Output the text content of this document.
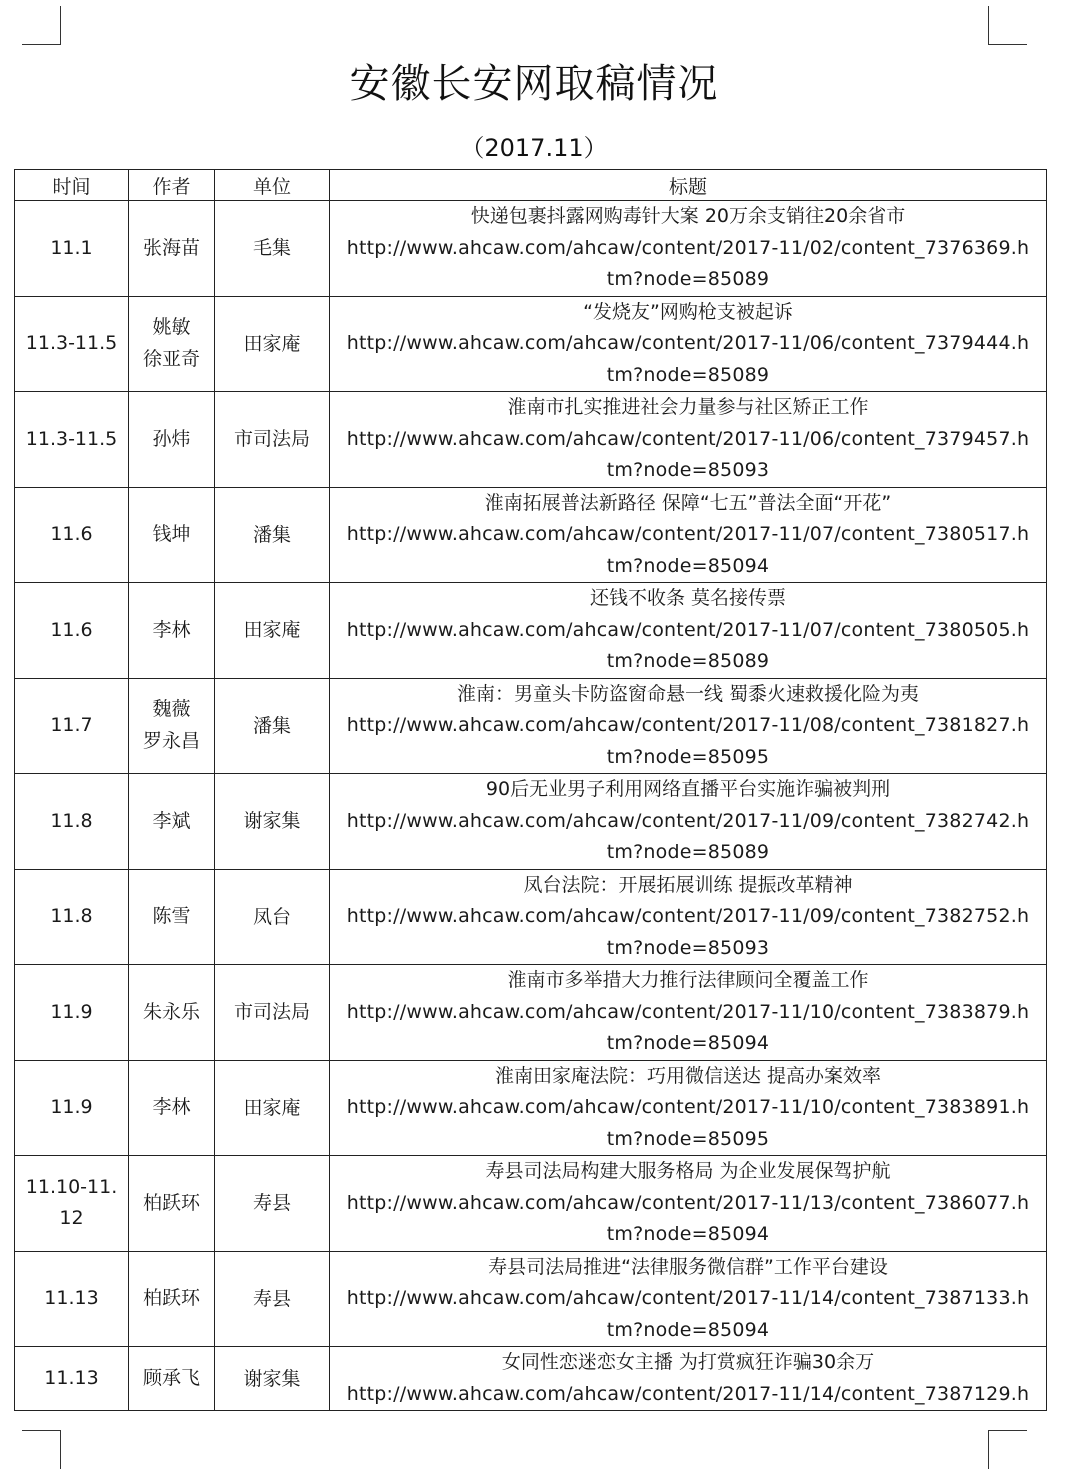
安徽长安网取稿情况
（2017.11）
时间	作者	单位	标题

11.1	张海苗	毛集	快递包裹抖露网购毒针大案 20万余支销往20余省市
http://www.ahcaw.com/ahcaw/content/2017-11/02/content_7376369.h
tm?node=85089

11.3-11.5	姚敏
徐亚奇	田家庵	“发烧友”网购枪支被起诉
http://www.ahcaw.com/ahcaw/content/2017-11/06/content_7379444.h
tm?node=85089

11.3-11.5	孙炜	市司法局	淮南市扎实推进社会力量参与社区矫正工作
http://www.ahcaw.com/ahcaw/content/2017-11/06/content_7379457.h
tm?node=85093

11.6	钱坤	潘集	淮南拓展普法新路径 保障“七五”普法全面“开花”
http://www.ahcaw.com/ahcaw/content/2017-11/07/content_7380517.h
tm?node=85094

11.6	李林	田家庵	还钱不收条 莫名接传票
http://www.ahcaw.com/ahcaw/content/2017-11/07/content_7380505.h
tm?node=85089

11.7	魏薇
罗永昌	潘集	淮南：男童头卡防盗窗命悬一线 蜀黍火速救援化险为夷
http://www.ahcaw.com/ahcaw/content/2017-11/08/content_7381827.h
tm?node=85095

11.8	李斌	谢家集	90后无业男子利用网络直播平台实施诈骗被判刑
http://www.ahcaw.com/ahcaw/content/2017-11/09/content_7382742.h
tm?node=85089

11.8	陈雪	凤台	凤台法院：开展拓展训练 提振改革精神
http://www.ahcaw.com/ahcaw/content/2017-11/09/content_7382752.h
tm?node=85093

11.9	朱永乐	市司法局	淮南市多举措大力推行法律顾问全覆盖工作
http://www.ahcaw.com/ahcaw/content/2017-11/10/content_7383879.h
tm?node=85094

11.9	李林	田家庵	淮南田家庵法院：巧用微信送达 提高办案效率
http://www.ahcaw.com/ahcaw/content/2017-11/10/content_7383891.h
tm?node=85095

11.10-11.
12	柏跃环	寿县	寿县司法局构建大服务格局 为企业发展保驾护航
http://www.ahcaw.com/ahcaw/content/2017-11/13/content_7386077.h
tm?node=85094

11.13	柏跃环	寿县	寿县司法局推进“法律服务微信群”工作平台建设
http://www.ahcaw.com/ahcaw/content/2017-11/14/content_7387133.h
tm?node=85094

11.13	顾承飞	谢家集	女同性恋迷恋女主播 为打赏疯狂诈骗30余万
http://www.ahcaw.com/ahcaw/content/2017-11/14/content_7387129.h
